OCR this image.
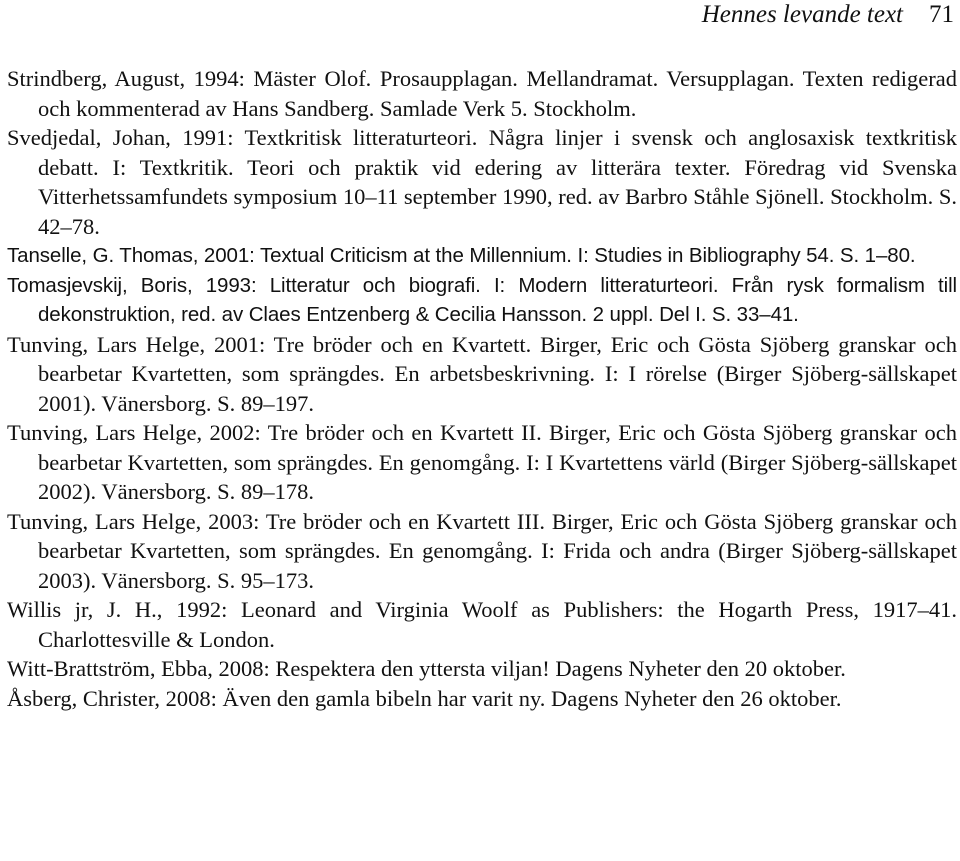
Hennes levande text 71

Strindberg, August, 1994: Mäster Olof. Prosaupplagan. Mellandramat. Versupplagan. Texten redigerad och kommenterad av Hans Sandberg. Samlade Verk 5. Stockholm.

Svedjedal, Johan, 1991: Textkritisk litteraturteori. Några linjer i svensk och anglosaxisk textkritisk debatt. I: Textkritik. Teori och praktik vid edering av litterära texter. Föredrag vid Svenska Vitterhetssamfundets symposium 10–11 september 1990, red. av Barbro Ståhle Sjönell. Stockholm. S. 42–78.

Tanselle, G. Thomas, 2001: Textual Criticism at the Millennium. I: Studies in Bibliography 54. S. 1–80.

Tomasjevskij, Boris, 1993: Litteratur och biografi. I: Modern litteraturteori. Från rysk formalism till dekonstruktion, red. av Claes Entzenberg & Cecilia Hansson. 2 uppl. Del I. S. 33–41.

Tunving, Lars Helge, 2001: Tre bröder och en Kvartett. Birger, Eric och Gösta Sjöberg granskar och bearbetar Kvartetten, som sprängdes. En arbetsbeskrivning. I: I rörelse (Birger Sjöberg-sällskapet 2001). Vänersborg. S. 89–197.

Tunving, Lars Helge, 2002: Tre bröder och en Kvartett II. Birger, Eric och Gösta Sjöberg granskar och bearbetar Kvartetten, som sprängdes. En genomgång. I: I Kvartettens värld (Birger Sjöberg-sällskapet 2002). Vänersborg. S. 89–178.

Tunving, Lars Helge, 2003: Tre bröder och en Kvartett III. Birger, Eric och Gösta Sjöberg granskar och bearbetar Kvartetten, som sprängdes. En genomgång. I: Frida och andra (Birger Sjöberg-sällskapet 2003). Vänersborg. S. 95–173.

Willis jr, J. H., 1992: Leonard and Virginia Woolf as Publishers: the Hogarth Press, 1917–41. Charlottesville & London.

Witt-Brattström, Ebba, 2008: Respektera den yttersta viljan! Dagens Nyheter den 20 oktober.

Åsberg, Christer, 2008: Även den gamla bibeln har varit ny. Dagens Nyheter den 26 oktober.
